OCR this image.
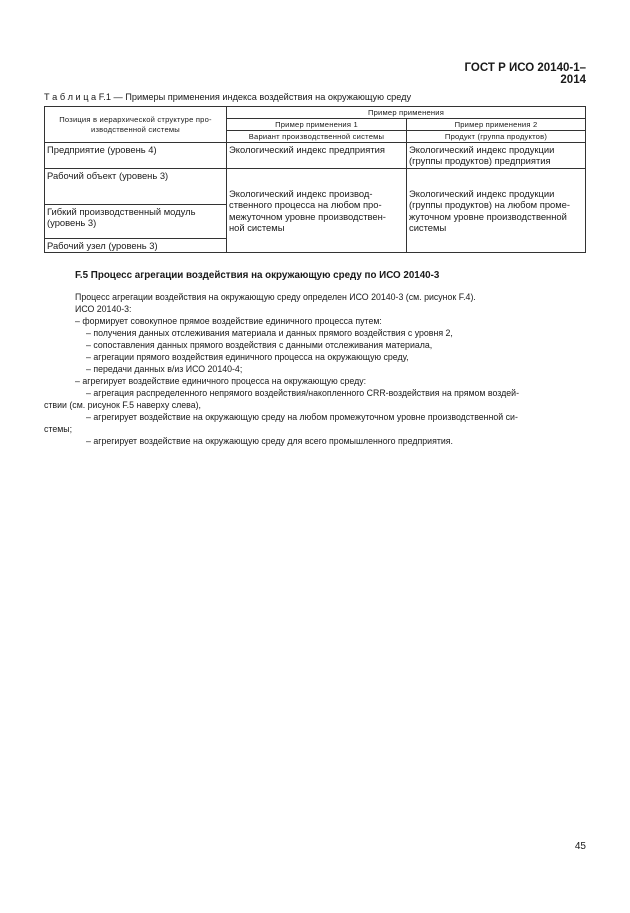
ГОСТ Р ИСО 20140-1–2014
Т а б л и ц а F.1 — Примеры применения индекса воздействия на окружающую среду
Позиция в иерархической структуре про-
изводственной системы	Пример применения	
	Пример применения 1	Пример применения 2
	Вариант производственной системы	Продукт (группа продуктов)
Предприятие (уровень 4)	Экологический индекс предприятия	Экологический индекс продукции
(группы продуктов) предприятия
Рабочий объект (уровень 3)	Экологический индекс производ-
ственного процесса на любом про-
межуточном уровне производствен-
ной системы	Экологический индекс продукции
(группы продуктов) на любом проме-
жуточном уровне производственной
системы
Гибкий производственный модуль
(уровень 3)		
Рабочий узел (уровень 3)		
F.5 Процесс агрегации воздействия на окружающую среду по ИСО 20140-3

Процесс агрегации воздействия на окружающую среду определен ИСО 20140-3 (см. рисунок F.4).

ИСО 20140-3:

– формирует совокупное прямое воздействие единичного процесса путем:

– получения данных отслеживания материала и данных прямого воздействия с уровня 2,

– сопоставления данных прямого воздействия с данными отслеживания материала,

– агрегации прямого воздействия единичного процесса на окружающую среду,

– передачи данных в/из ИСО 20140-4;

– агрегирует воздействие единичного процесса на окружающую среду:

– агрегация распределенного непрямого воздействия/накопленного CRR-воздействия на прямом воздей-

ствии (см. рисунок F.5 наверху слева),

– агрегирует воздействие на окружающую среду на любом промежуточном уровне производственной си-

стемы;

– агрегирует воздействие на окружающую среду для всего промышленного предприятия.

45
